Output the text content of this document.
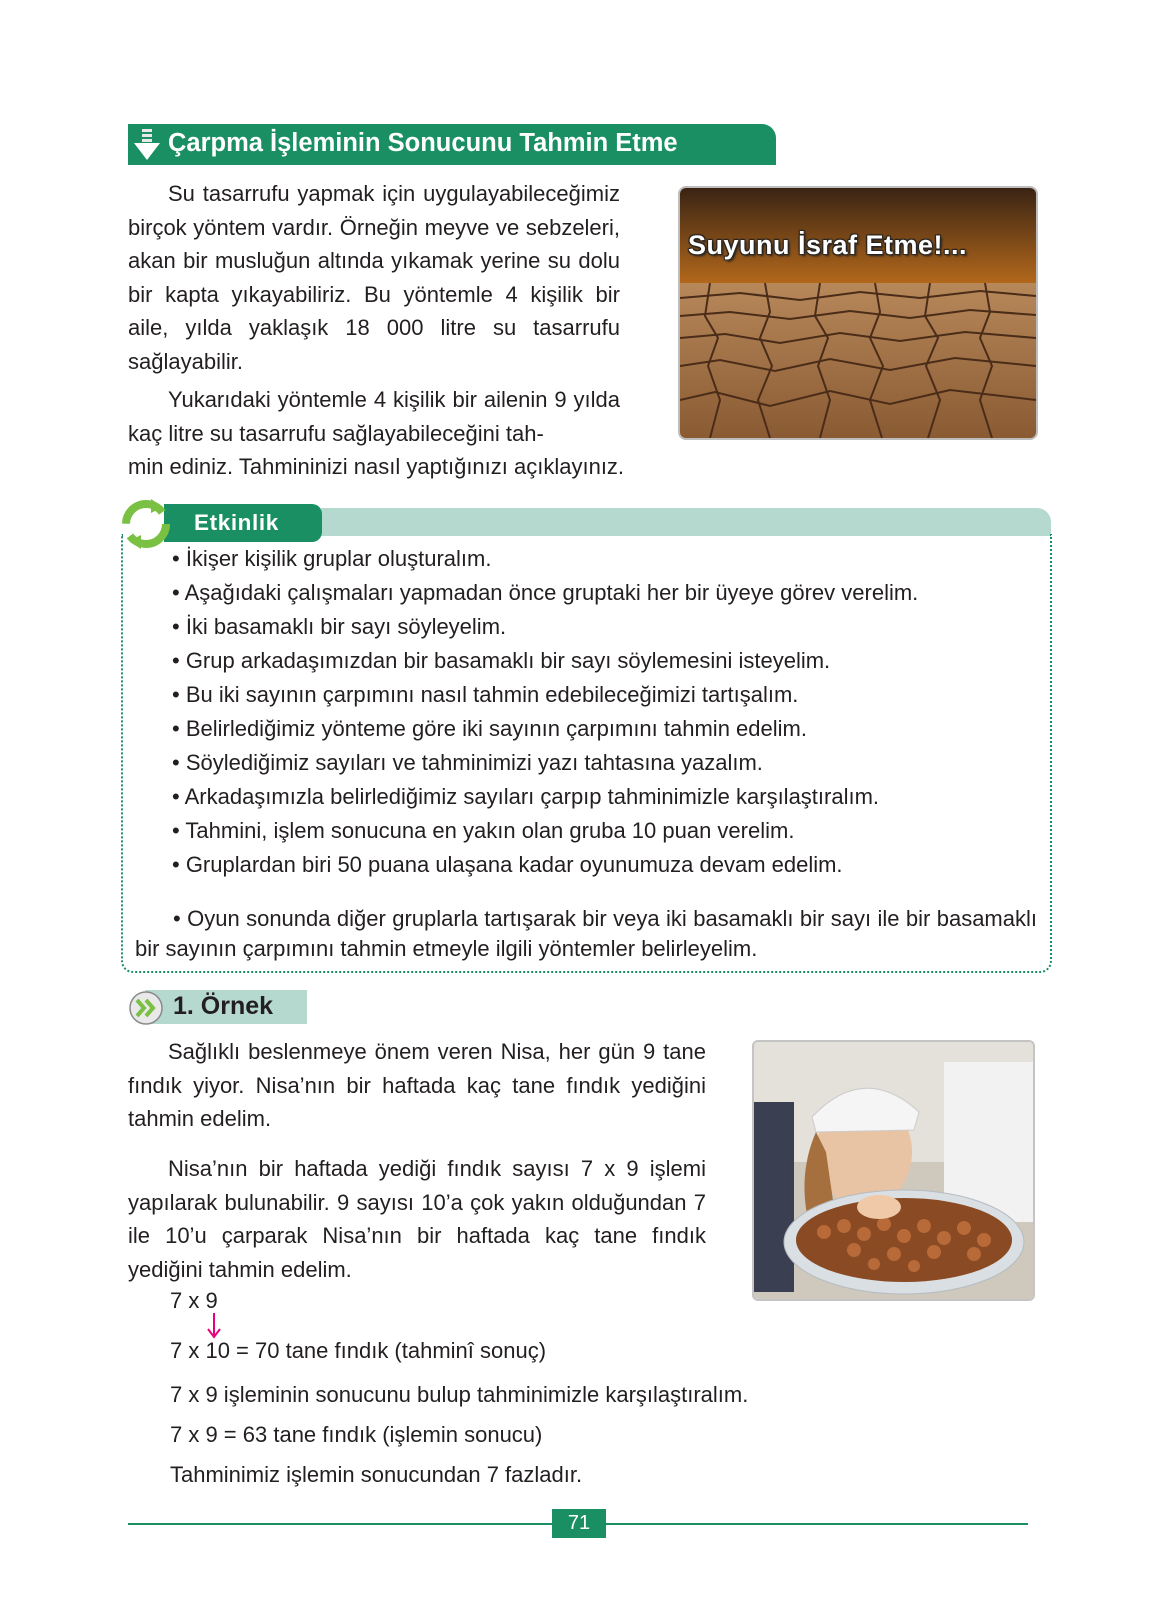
Çarpma İşleminin Sonucunu Tahmin Etme
Su tasarrufu yapmak için uygulayabileceğimiz birçok yöntem vardır. Örneğin meyve ve sebzeleri, akan bir musluğun altında yıkamak yerine su dolu bir kapta yıkayabiliriz. Bu yöntemle 4 kişilik bir aile, yılda yaklaşık 18 000 litre su tasarrufu sağlayabilir.
Yukarıdaki yöntemle 4 kişilik bir ailenin 9 yılda kaç litre su tasarrufu sağlayabileceğini tah-
min ediniz. Tahmininizi nasıl yaptığınızı açıklayınız.
Suyunu İsraf Etme!...
Etkinlik
• İkişer kişilik gruplar oluşturalım.
• Aşağıdaki çalışmaları yapmadan önce gruptaki her bir üyeye görev verelim.
• İki basamaklı bir sayı söyleyelim.
• Grup arkadaşımızdan bir basamaklı bir sayı söylemesini isteyelim.
• Bu iki sayının çarpımını nasıl tahmin edebileceğimizi tartışalım.
• Belirlediğimiz yönteme göre iki sayının çarpımını tahmin edelim.
• Söylediğimiz sayıları ve tahminimizi yazı tahtasına yazalım.
• Arkadaşımızla belirlediğimiz sayıları çarpıp tahminimizle karşılaştıralım.
• Tahmini, işlem sonucuna en yakın olan gruba 10 puan verelim.
• Gruplardan biri 50 puana ulaşana kadar oyunumuza devam edelim.
• Oyun sonunda diğer gruplarla tartışarak bir veya iki basamaklı bir sayı ile bir basamaklı bir sayının çarpımını tahmin etmeyle ilgili yöntemler belirleyelim.
1. Örnek
Sağlıklı beslenmeye önem veren Nisa, her gün 9 tane fındık yiyor. Nisa’nın bir haftada kaç tane fındık yediğini tahmin edelim.
Nisa’nın bir haftada yediği fındık sayısı 7 x 9 işlemi yapılarak bulunabilir. 9 sayısı 10’a çok yakın olduğundan 7 ile 10’u çarparak Nisa’nın bir haftada kaç tane fındık yediğini tahmin edelim.
7 x 9
7 x 10 = 70 tane fındık (tahminî sonuç)
7 x 9 işleminin sonucunu bulup tahminimizle karşılaştıralım.
7 x 9 = 63 tane fındık (işlemin sonucu)
Tahminimiz işlemin sonucundan 7 fazladır.
71
